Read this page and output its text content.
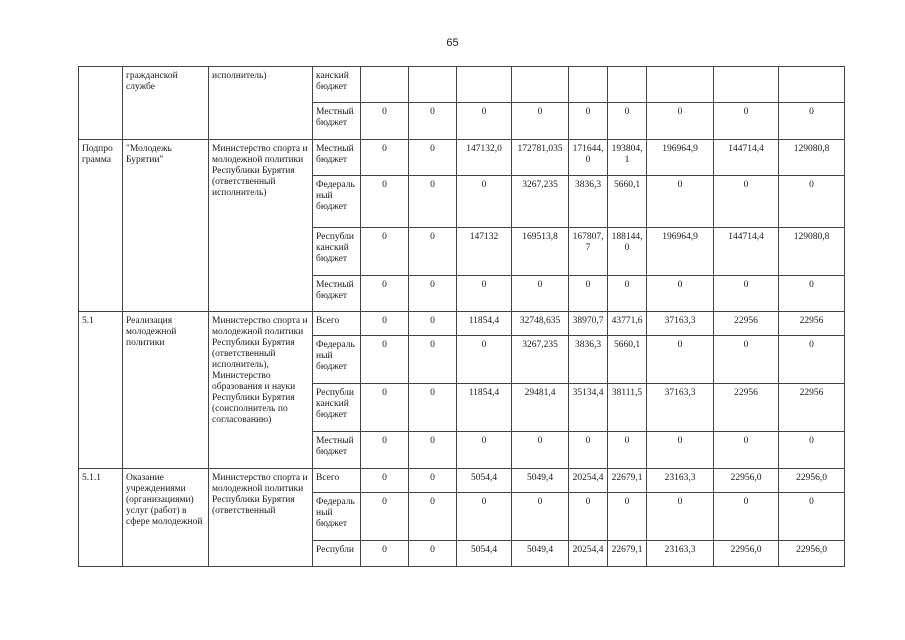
65
	гражданской службе	исполнитель)	канский бюджет									
			Местный бюджет	0	0	0	0	0	0	0	0	0
Подпро грамма	"Молодежь Бурятии"	Министерство спорта и молодежной политики Республики Бурятия (ответственный исполнитель)	Местный бюджет	0	0	147132,0	172781,035	171644,0	193804,1	196964,9	144714,4	129080,8
			Федераль ный бюджет	0	0	0	3267,235	3836,3	5660,1	0	0	0
			Республи канский бюджет	0	0	147132	169513,8	167807,7	188144,0	196964,9	144714,4	129080,8
			Местный бюджет	0	0	0	0	0	0	0	0	0
5.1	Реализация молодежной политики	Министерство спорта и молодежной политики Республики Бурятия (ответственный исполнитель), Министерство образования и науки Республики Бурятия (соисполнитель по согласованию)	Всего	0	0	11854,4	32748,635	38970,7	43771,6	37163,3	22956	22956
			Федераль ный бюджет	0	0	0	3267,235	3836,3	5660,1	0	0	0
			Республи канский бюджет	0	0	11854,4	29481,4	35134,4	38111,5	37163,3	22956	22956
			Местный бюджет	0	0	0	0	0	0	0	0	0
5.1.1	Оказание учреждениями (организациями) услуг (работ) в сфере молодежной	Министерство спорта и молодежной политики Республики Бурятия (ответственный	Всего	0	0	5054,4	5049,4	20254,4	22679,1	23163,3	22956,0	22956,0
			Федераль ный бюджет	0	0	0	0	0	0	0	0	0
			Республи	0	0	5054,4	5049,4	20254,4	22679,1	23163,3	22956,0	22956,0
